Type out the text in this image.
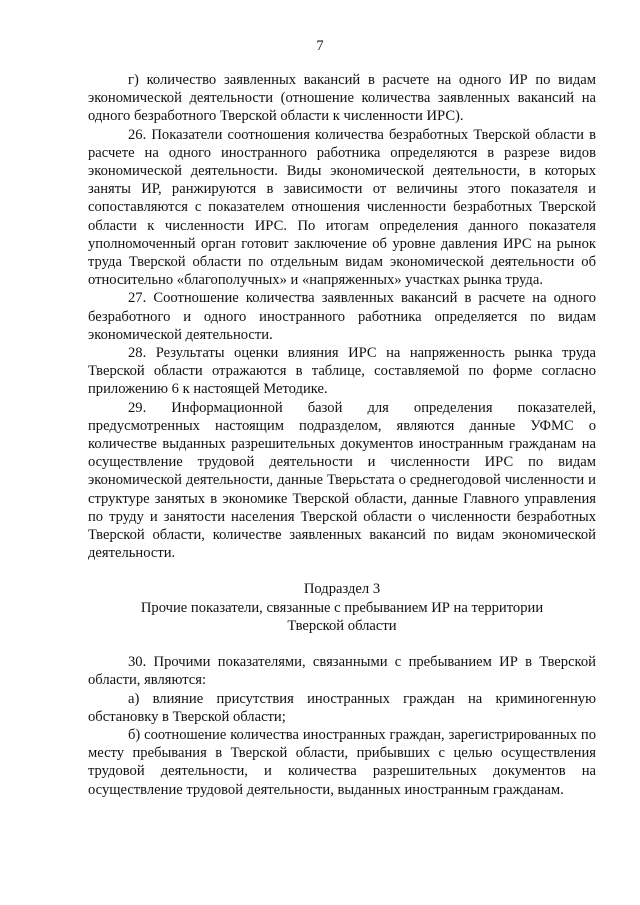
7

г) количество заявленных вакансий в расчете на одного ИР по видам экономической деятельности (отношение количества заявленных вакансий на одного безработного Тверской области к численности ИРС).

26. Показатели соотношения количества безработных Тверской области в расчете на одного иностранного работника определяются в разрезе видов экономической деятельности. Виды экономической деятельности, в которых заняты ИР, ранжируются в зависимости от величины этого показателя и сопоставляются с показателем отношения численности безработных Тверской области к численности ИРС. По итогам определения данного показателя уполномоченный орган готовит заключение об уровне давления ИРС на рынок труда Тверской области по отдельным видам экономической деятельности об относительно «благополучных» и «напряженных» участках рынка труда.

27. Соотношение количества заявленных вакансий в расчете на одного безработного и одного иностранного работника определяется по видам экономической деятельности.

28. Результаты оценки влияния ИРС на напряженность рынка труда Тверской области отражаются в таблице, составляемой по форме согласно приложению 6 к настоящей Методике.

29. Информационной базой для определения показателей, предусмотренных настоящим подразделом, являются данные УФМС о количестве выданных разрешительных документов иностранным гражданам на осуществление трудовой деятельности и численности ИРС по видам экономической деятельности, данные Тверьстата о среднегодовой численности и структуре занятых в экономике Тверской области, данные Главного управления по труду и занятости населения Тверской области о численности безработных Тверской области, количестве заявленных вакансий по видам экономической деятельности.

Подраздел 3
Прочие показатели, связанные с пребыванием ИР на территории
Тверской области

30. Прочими показателями, связанными с пребыванием ИР в Тверской области, являются:

а) влияние присутствия иностранных граждан на криминогенную обстановку в Тверской области;

б) соотношение количества иностранных граждан, зарегистрированных по месту пребывания в Тверской области, прибывших с целью осуществления трудовой деятельности, и количества разрешительных документов на осуществление трудовой деятельности, выданных иностранным гражданам.
